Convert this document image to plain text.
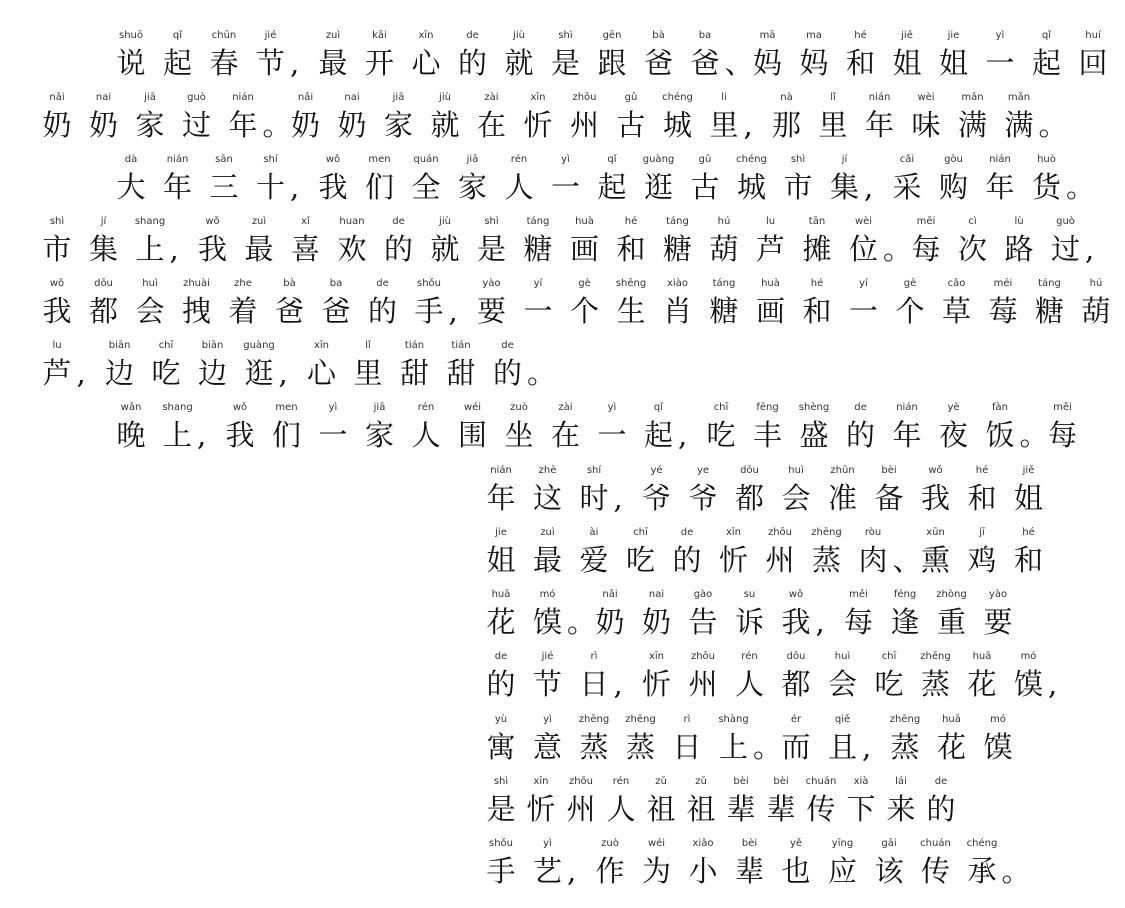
shuō
说
qǐ
起
chūn
春
jié
节 ,
zuì
最
kāi
开
xīn
心
de
的
jiù
就
shì
是
gēn
跟
bà
爸
ba
爸 、
mā
妈
ma
妈
hé
和
jiě
姐
jie
姐
yì
一
qǐ
起
huí
回
nǎi
奶
nai
奶
jiā
家
guò
过
nián
年 。
nǎi
奶
nai
奶
jiā
家
jiù
就
zài
在
xīn
忻
zhōu
州
gǔ
古
chéng
城
li
里 ,
nà
那
lǐ
里
nián
年
wèi
味
mǎn
满
mǎn
满 。
dà
大
nián
年
sān
三
shí
十 ,
wǒ
我
men
们
quán
全
jiā
家
rén
人
yì
一
qǐ
起
guàng
逛
gǔ
古
chéng
城
shì
市
jí
集 ,
cǎi
采
gòu
购
nián
年
huò
货 。
shì
市
jí
集
shang
上 ,
wǒ
我
zuì
最
xǐ
喜
huan
欢
de
的
jiù
就
shì
是
táng
糖
huà
画
hé
和
táng
糖
hú
葫
lu
芦
tān
摊
wèi
位 。
měi
每
cì
次
lù
路
guò
过 ,
wǒ
我
dōu
都
huì
会
zhuài
拽
zhe
着
bà
爸
ba
爸
de
的
shǒu
手 ,
yào
要
yí
一
gè
个
shēng
生
xiào
肖
táng
糖
huà
画
hé
和
yí
一
gè
个
cǎo
草
méi
莓
táng
糖
hú
葫
lu
芦 ,
biān
边
chī
吃
biān
边
guàng
逛 ,
xīn
心
lǐ
里
tián
甜
tián
甜
de
的 。
wǎn
晚
shang
上 ,
wǒ
我
men
们
yì
一
jiā
家
rén
人
wéi
围
zuò
坐
zài
在
yì
一
qǐ
起 ,
chī
吃
fēng
丰
shèng
盛
de
的
nián
年
yè
夜
fàn
饭 。
měi
每
nián
年
zhè
这
shí
时 ,
yé
爷
ye
爷
dōu
都
huì
会
zhǔn
准
bèi
备
wǒ
我
hé
和
jiě
姐
jie
姐
zuì
最
ài
爱
chī
吃
de
的
xīn
忻
zhōu
州
zhēng
蒸
ròu
肉 、
xūn
熏
jī
鸡
hé
和
huā
花
mó
馍 。
nǎi
奶
nai
奶
gào
告
su
诉
wǒ
我 ,
měi
每
féng
逢
zhòng
重
yào
要
de
的
jié
节
rì
日 ,
xīn
忻
zhōu
州
rén
人
dōu
都
huì
会
chī
吃
zhēng
蒸
huā
花
mó
馍 ,
yù
寓
yì
意
zhēng
蒸
zhēng
蒸
rì
日
shàng
上 。
ér
而
qiě
且 ,
zhēng
蒸
huā
花
mó
馍
shì
是
xīn
忻
zhōu
州
rén
人
zǔ
祖
zǔ
祖
bèi
辈
bèi
辈
chuán
传
xià
下
lái
来
de
的
shǒu
手
yì
艺 ,
zuò
作
wéi
为
xiǎo
小
bèi
辈
yě
也
yīng
应
gāi
该
chuán
传
chéng
承 。
